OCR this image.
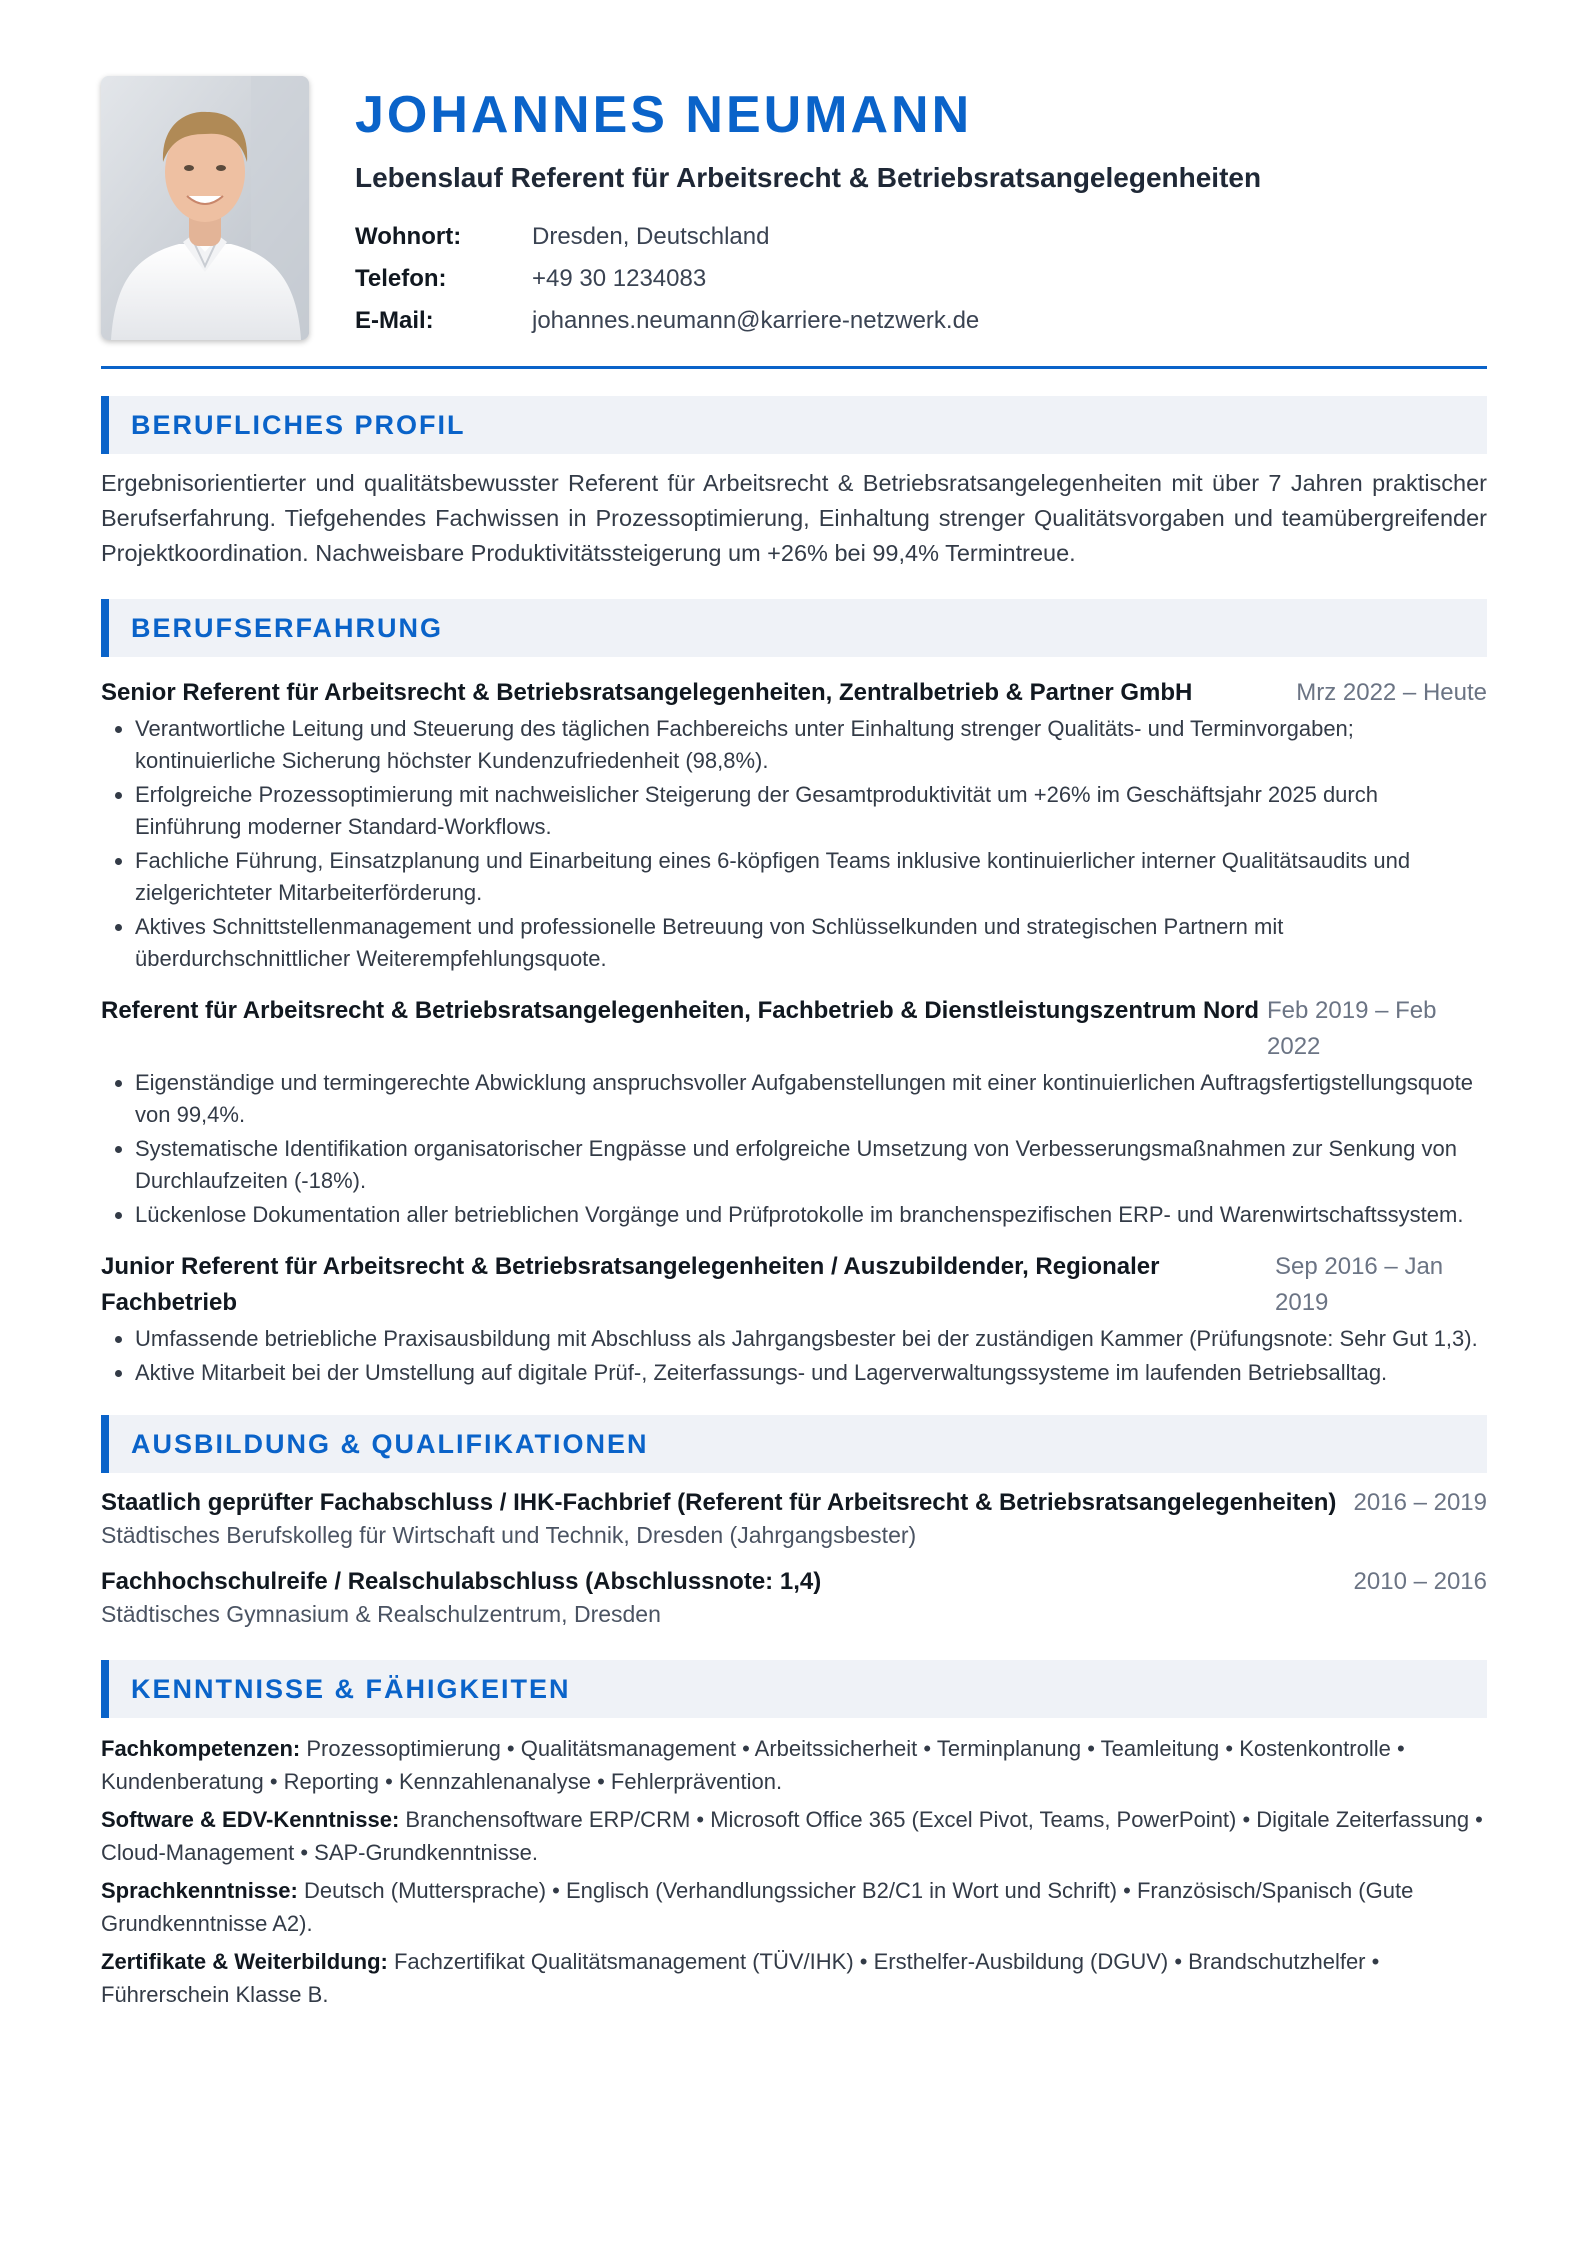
JOHANNES NEUMANN
Lebenslauf Referent für Arbeitsrecht & Betriebsratsangelegenheiten
Wohnort:	Dresden, Deutschland
Telefon:	+49 30 1234083
E-Mail:	johannes.neumann@karriere-netzwerk.de
BERUFLICHES PROFIL
Ergebnisorientierter und qualitätsbewusster Referent für Arbeitsrecht & Betriebsratsangelegenheiten mit über 7 Jahren praktischer Berufserfahrung. Tiefgehendes Fachwissen in Prozessoptimierung, Einhaltung strenger Qualitätsvorgaben und teamübergreifender Projektkoordination. Nachweisbare Produktivitätssteigerung um +26% bei 99,4% Termintreue.
BERUFSERFAHRUNG
Senior Referent für Arbeitsrecht & Betriebsratsangelegenheiten, Zentralbetrieb & Partner GmbH	Mrz 2022 – Heute
• Verantwortliche Leitung und Steuerung des täglichen Fachbereichs unter Einhaltung strenger Qualitäts- und Terminvorgaben; kontinuierliche Sicherung höchster Kundenzufriedenheit (98,8%).
• Erfolgreiche Prozessoptimierung mit nachweislicher Steigerung der Gesamtproduktivität um +26% im Geschäftsjahr 2025 durch Einführung moderner Standard-Workflows.
• Fachliche Führung, Einsatzplanung und Einarbeitung eines 6-köpfigen Teams inklusive kontinuierlicher interner Qualitätsaudits und zielgerichteter Mitarbeiterförderung.
• Aktives Schnittstellenmanagement und professionelle Betreuung von Schlüsselkunden und strategischen Partnern mit überdurchschnittlicher Weiterempfehlungsquote.
Referent für Arbeitsrecht & Betriebsratsangelegenheiten, Fachbetrieb & Dienstleistungszentrum Nord Feb 2019 – Feb 2022
• Eigenständige und termingerechte Abwicklung anspruchsvoller Aufgabenstellungen mit einer kontinuierlichen Auftragsfertigstellungsquote von 99,4%.
• Systematische Identifikation organisatorischer Engpässe und erfolgreiche Umsetzung von Verbesserungsmaßnahmen zur Senkung von Durchlaufzeiten (-18%).
• Lückenlose Dokumentation aller betrieblichen Vorgänge und Prüfprotokolle im branchenspezifischen ERP- und Warenwirtschaftssystem.
Junior Referent für Arbeitsrecht & Betriebsratsangelegenheiten / Auszubildender, Regionaler Fachbetrieb
Sep 2016 – Jan 2019
• Umfassende betriebliche Praxisausbildung mit Abschluss als Jahrgangsbester bei der zuständigen Kammer (Prüfungsnote: Sehr Gut 1,3).
• Aktive Mitarbeit bei der Umstellung auf digitale Prüf-, Zeiterfassungs- und Lagerverwaltungssysteme im laufenden Betriebsalltag.
AUSBILDUNG & QUALIFIKATIONEN
Staatlich geprüfter Fachabschluss / IHK-Fachbrief (Referent für Arbeitsrecht & Betriebsratsangelegenheiten)
Städtisches Berufskolleg für Wirtschaft und Technik, Dresden (Jahrgangsbester)
2016 – 2019
Fachhochschulreife / Realschulabschluss (Abschlussnote: 1,4)
Städtisches Gymnasium & Realschulzentrum, Dresden
2010 – 2016
KENNTNISSE & FÄHIGKEITEN
Fachkompetenzen: Prozessoptimierung • Qualitätsmanagement • Arbeitssicherheit • Terminplanung • Teamleitung • Kostenkontrolle • Kundenberatung • Reporting • Kennzahlenanalyse • Fehlerprävention.
Software & EDV-Kenntnisse: Branchensoftware ERP/CRM • Microsoft Office 365 (Excel Pivot, Teams, PowerPoint) • Digitale Zeiterfassung • Cloud-Management • SAP-Grundkenntnisse.
Sprachkenntnisse: Deutsch (Muttersprache) • Englisch (Verhandlungssicher B2/C1 in Wort und Schrift) • Französisch/Spanisch (Gute Grundkenntnisse A2).
Zertifikate & Weiterbildung: Fachzertifikat Qualitätsmanagement (TÜV/IHK) • Ersthelfer-Ausbildung (DGUV) • Brandschutzhelfer • Führerschein Klasse B.
